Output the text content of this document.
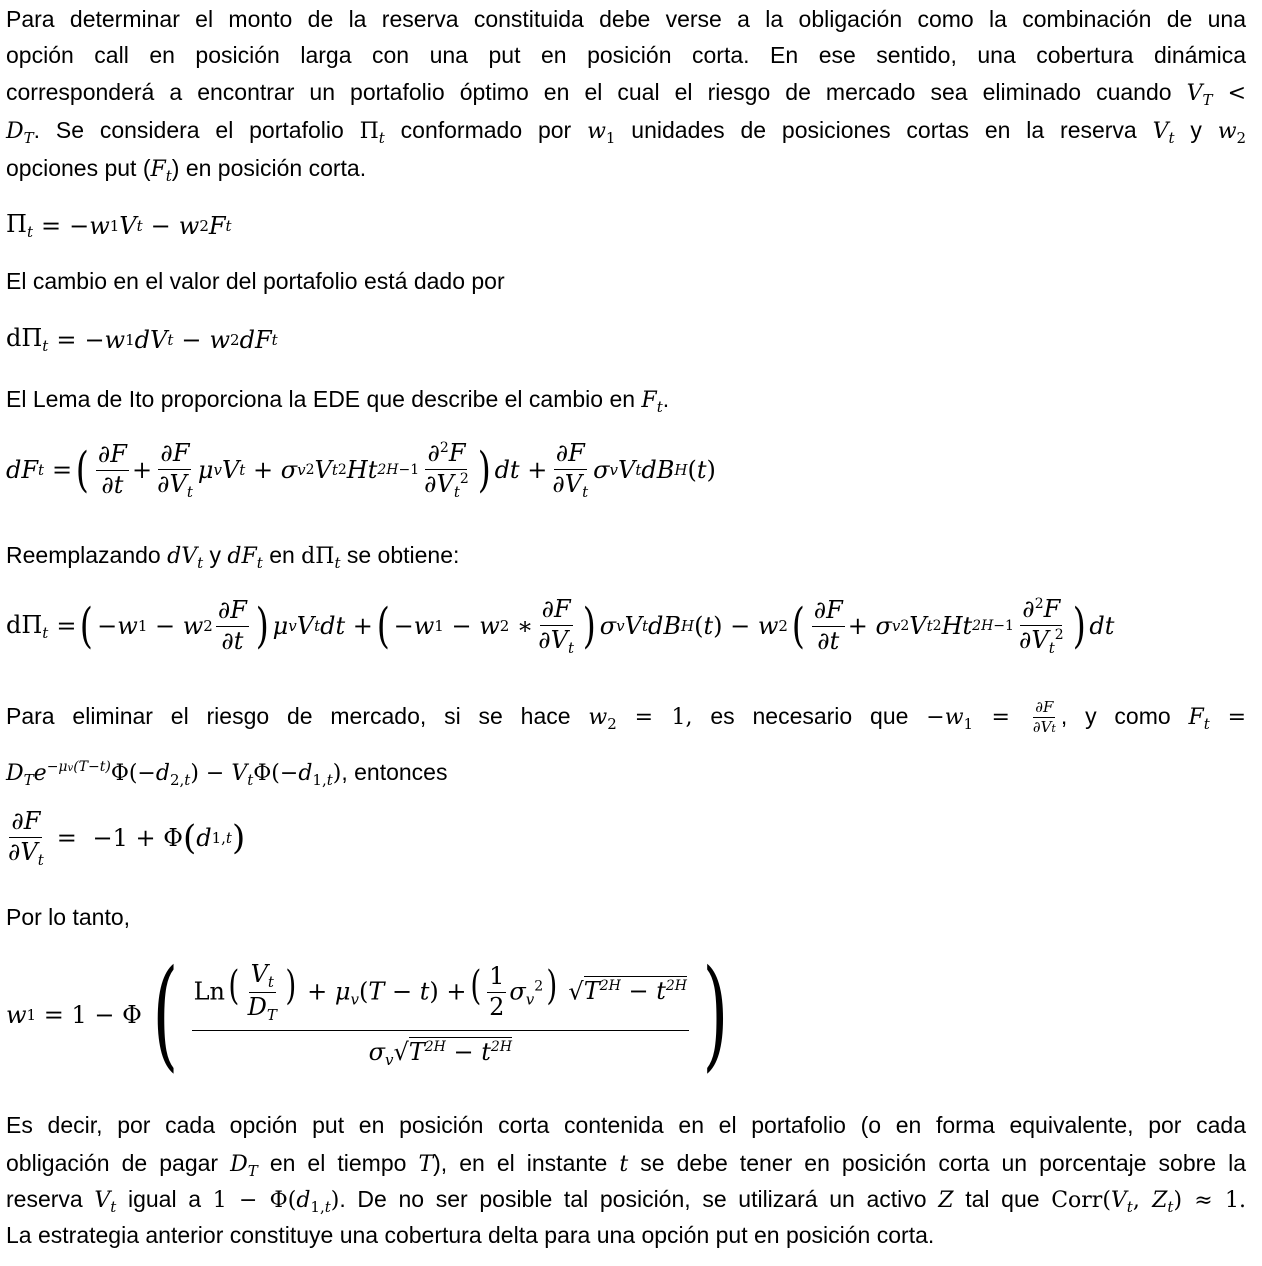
Para determinar el monto de la reserva constituida debe verse a la obligación como la combinación de una
opción call en posición larga con una put en posición corta. En ese sentido, una cobertura dinámica
corresponderá a encontrar un portafolio óptimo en el cual el riesgo de mercado sea eliminado cuando $V_T$ <
$D_T$. Se considera el portafolio $\Pi_t$ conformado por $w_1$ unidades de posiciones cortas en la reserva $V_t$ y $w_2$
opciones put $(F_t)$ en posición corta.
$\Pi_t$ = − w 1 V t − w 2 F t
El cambio en el valor del portafolio está dado por
$d\Pi_t$ = − w 1 dV t − w 2 dF t
El Lema de Ito proporciona la EDE que describe el cambio en $F_t$.
dF t = ( $\frac{\partial F}{\partial t} + \frac{\partial F}{\partial V_t}$ μ v V t + σ v 2 V t 2 Ht $2H-1 \frac{\partial^2F}{\partial V_t^2}$ ) dt + $\frac{\partial F}{\partial V_t}$ σ v V t dB H ( t )
Reemplazando $dV_t$ y $dF_t$ en $d\Pi_t$ se obtiene:
$d\Pi_t$ = ( − w 1 − w $2 \frac{\partial F}{\partial t}$ ) μ v V t dt + ( − w 1 − w 2 ∗ $\frac{\partial F}{\partial V_t}$ ) σ v V t dB H ( t ) − w 2 ( $\frac{\partial F}{\partial t} + \sigma$ v 2 V t 2 Ht $2H-1 \frac{\partial^2F}{\partial V_t^2}$ ) dt
Para eliminar el riesgo de mercado, si se hace $w_2 = 1$, es necesario que $-w_1 = \frac{\partial F}{\partial Vt}$ , y como $F_t$ =
$D_Te^{-\mu v(T-t)}\Phi(-d_{2,t}) - V_t\Phi(-d_{1,t})$, entonces
$\frac{\partial F}{\partial V_t}$ =
−1 + Φ ( d 1,t )
Por lo tanto,
w 1 = 1 − Φ ( $\frac{Ln( \frac{V_t}{D_T} ) + \mu_v(T - t) +( \frac{1}{2} \sigma_v^2) √T^{2H} - t^{2H}}{\sigma_v√T^{2H} - t^{2H}}$ )
Es decir, por cada opción put en posición corta contenida en el portafolio (o en forma equivalente, por cada
obligación de pagar $D_T$ en el tiempo T), en el instante t se debe tener en posición corta un porcentaje sobre la
reserva $V_t$ igual a $1 - \Phi(d_{1,t})$. De no ser posible tal posición, se utilizará un activo Z tal que $Corr(V_t$, $Z_t) \approx 1$.
La estrategia anterior constituye una cobertura delta para una opción put en posición corta.
